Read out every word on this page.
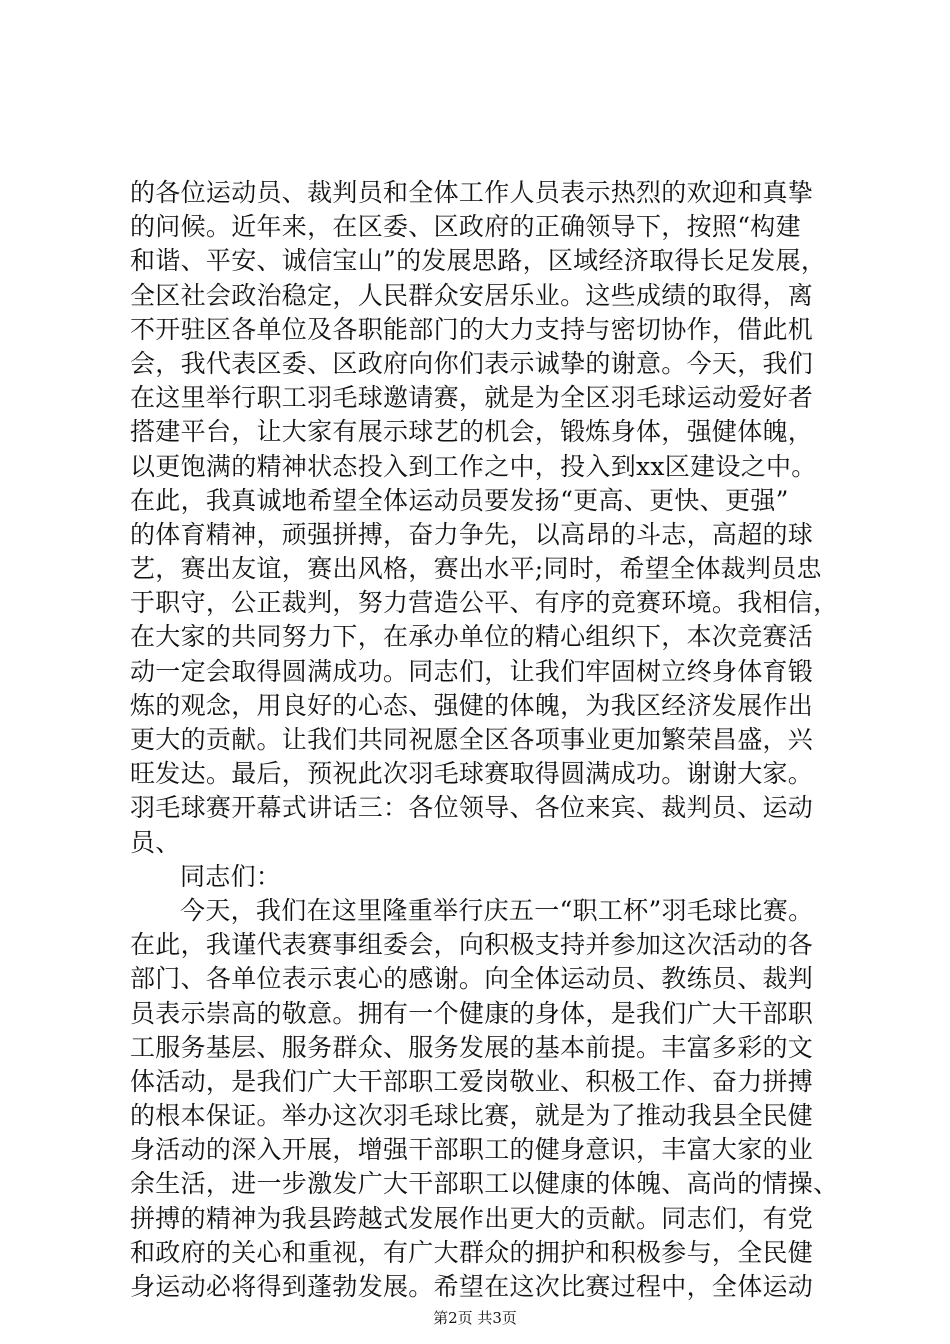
的各位运动员、裁判员和全体工作人员表示热烈的欢迎和真挚
的问候。近年来，在区委、区政府的正确领导下，按照“构建
和谐、平安、诚信宝山”的发展思路，区域经济取得长足发展，
全区社会政治稳定，人民群众安居乐业。这些成绩的取得，离
不开驻区各单位及各职能部门的大力支持与密切协作，借此机
会，我代表区委、区政府向你们表示诚挚的谢意。今天，我们
在这里举行职工羽毛球邀请赛，就是为全区羽毛球运动爱好者
搭建平台，让大家有展示球艺的机会，锻炼身体，强健体魄，
以更饱满的精神状态投入到工作之中，投入到xx区建设之中。
在此，我真诚地希望全体运动员要发扬“更高、更快、更强”
的体育精神，顽强拼搏，奋力争先，以高昂的斗志，高超的球
艺，赛出友谊，赛出风格，赛出水平;同时，希望全体裁判员忠
于职守，公正裁判，努力营造公平、有序的竞赛环境。我相信，
在大家的共同努力下，在承办单位的精心组织下，本次竞赛活
动一定会取得圆满成功。同志们，让我们牢固树立终身体育锻
炼的观念，用良好的心态、强健的体魄，为我区经济发展作出
更大的贡献。让我们共同祝愿全区各项事业更加繁荣昌盛，兴
旺发达。最后，预祝此次羽毛球赛取得圆满成功。谢谢大家。
羽毛球赛开幕式讲话三：各位领导、各位来宾、裁判员、运动
员、
同志们：
今天，我们在这里隆重举行庆五一“职工杯”羽毛球比赛。
在此，我谨代表赛事组委会，向积极支持并参加这次活动的各
部门、各单位表示衷心的感谢。向全体运动员、教练员、裁判
员表示崇高的敬意。拥有一个健康的身体，是我们广大干部职
工服务基层、服务群众、服务发展的基本前提。丰富多彩的文
体活动，是我们广大干部职工爱岗敬业、积极工作、奋力拼搏
的根本保证。举办这次羽毛球比赛，就是为了推动我县全民健
身活动的深入开展，增强干部职工的健身意识，丰富大家的业
余生活，进一步激发广大干部职工以健康的体魄、高尚的情操、
拼搏的精神为我县跨越式发展作出更大的贡献。同志们，有党
和政府的关心和重视，有广大群众的拥护和积极参与，全民健
身运动必将得到蓬勃发展。希望在这次比赛过程中，全体运动
第2页 共3页
